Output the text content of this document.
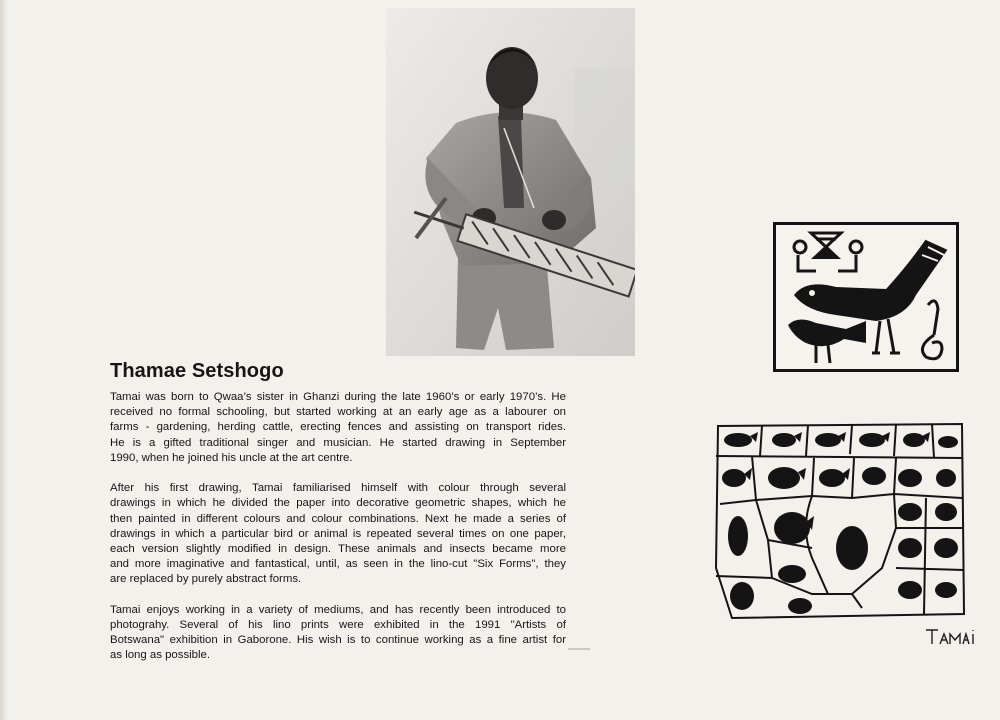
Thamae Setshogo

Tamai was born to Qwaa’s sister in Ghanzi during the late 1960’s or early 1970’s. He
received no formal schooling, but started working at an early age as a labourer on
farms - gardening, herding cattle, erecting fences and assisting on transport rides.
He is a gifted traditional singer and musician. He started drawing in September
1990, when he joined his uncle at the art centre.

After his first drawing, Tamai familiarised himself with colour through several
drawings in which he divided the paper into decorative geometric shapes, which he
then painted in different colours and colour combinations. Next he made a series of
drawings in which a particular bird or animal is repeated several times on one paper,
each version slightly modified in design. These animals and insects became more
and more imaginative and fantastical, until, as seen in the lino-cut "Six Forms", they
are replaced by purely abstract forms.

Tamai enjoys working in a variety of mediums, and has recently been introduced to
photograhy. Several of his lino prints were exhibited in the 1991 "Artists of
Botswana" exhibition in Gaborone. His wish is to continue working as a fine artist for
as long as possible.
